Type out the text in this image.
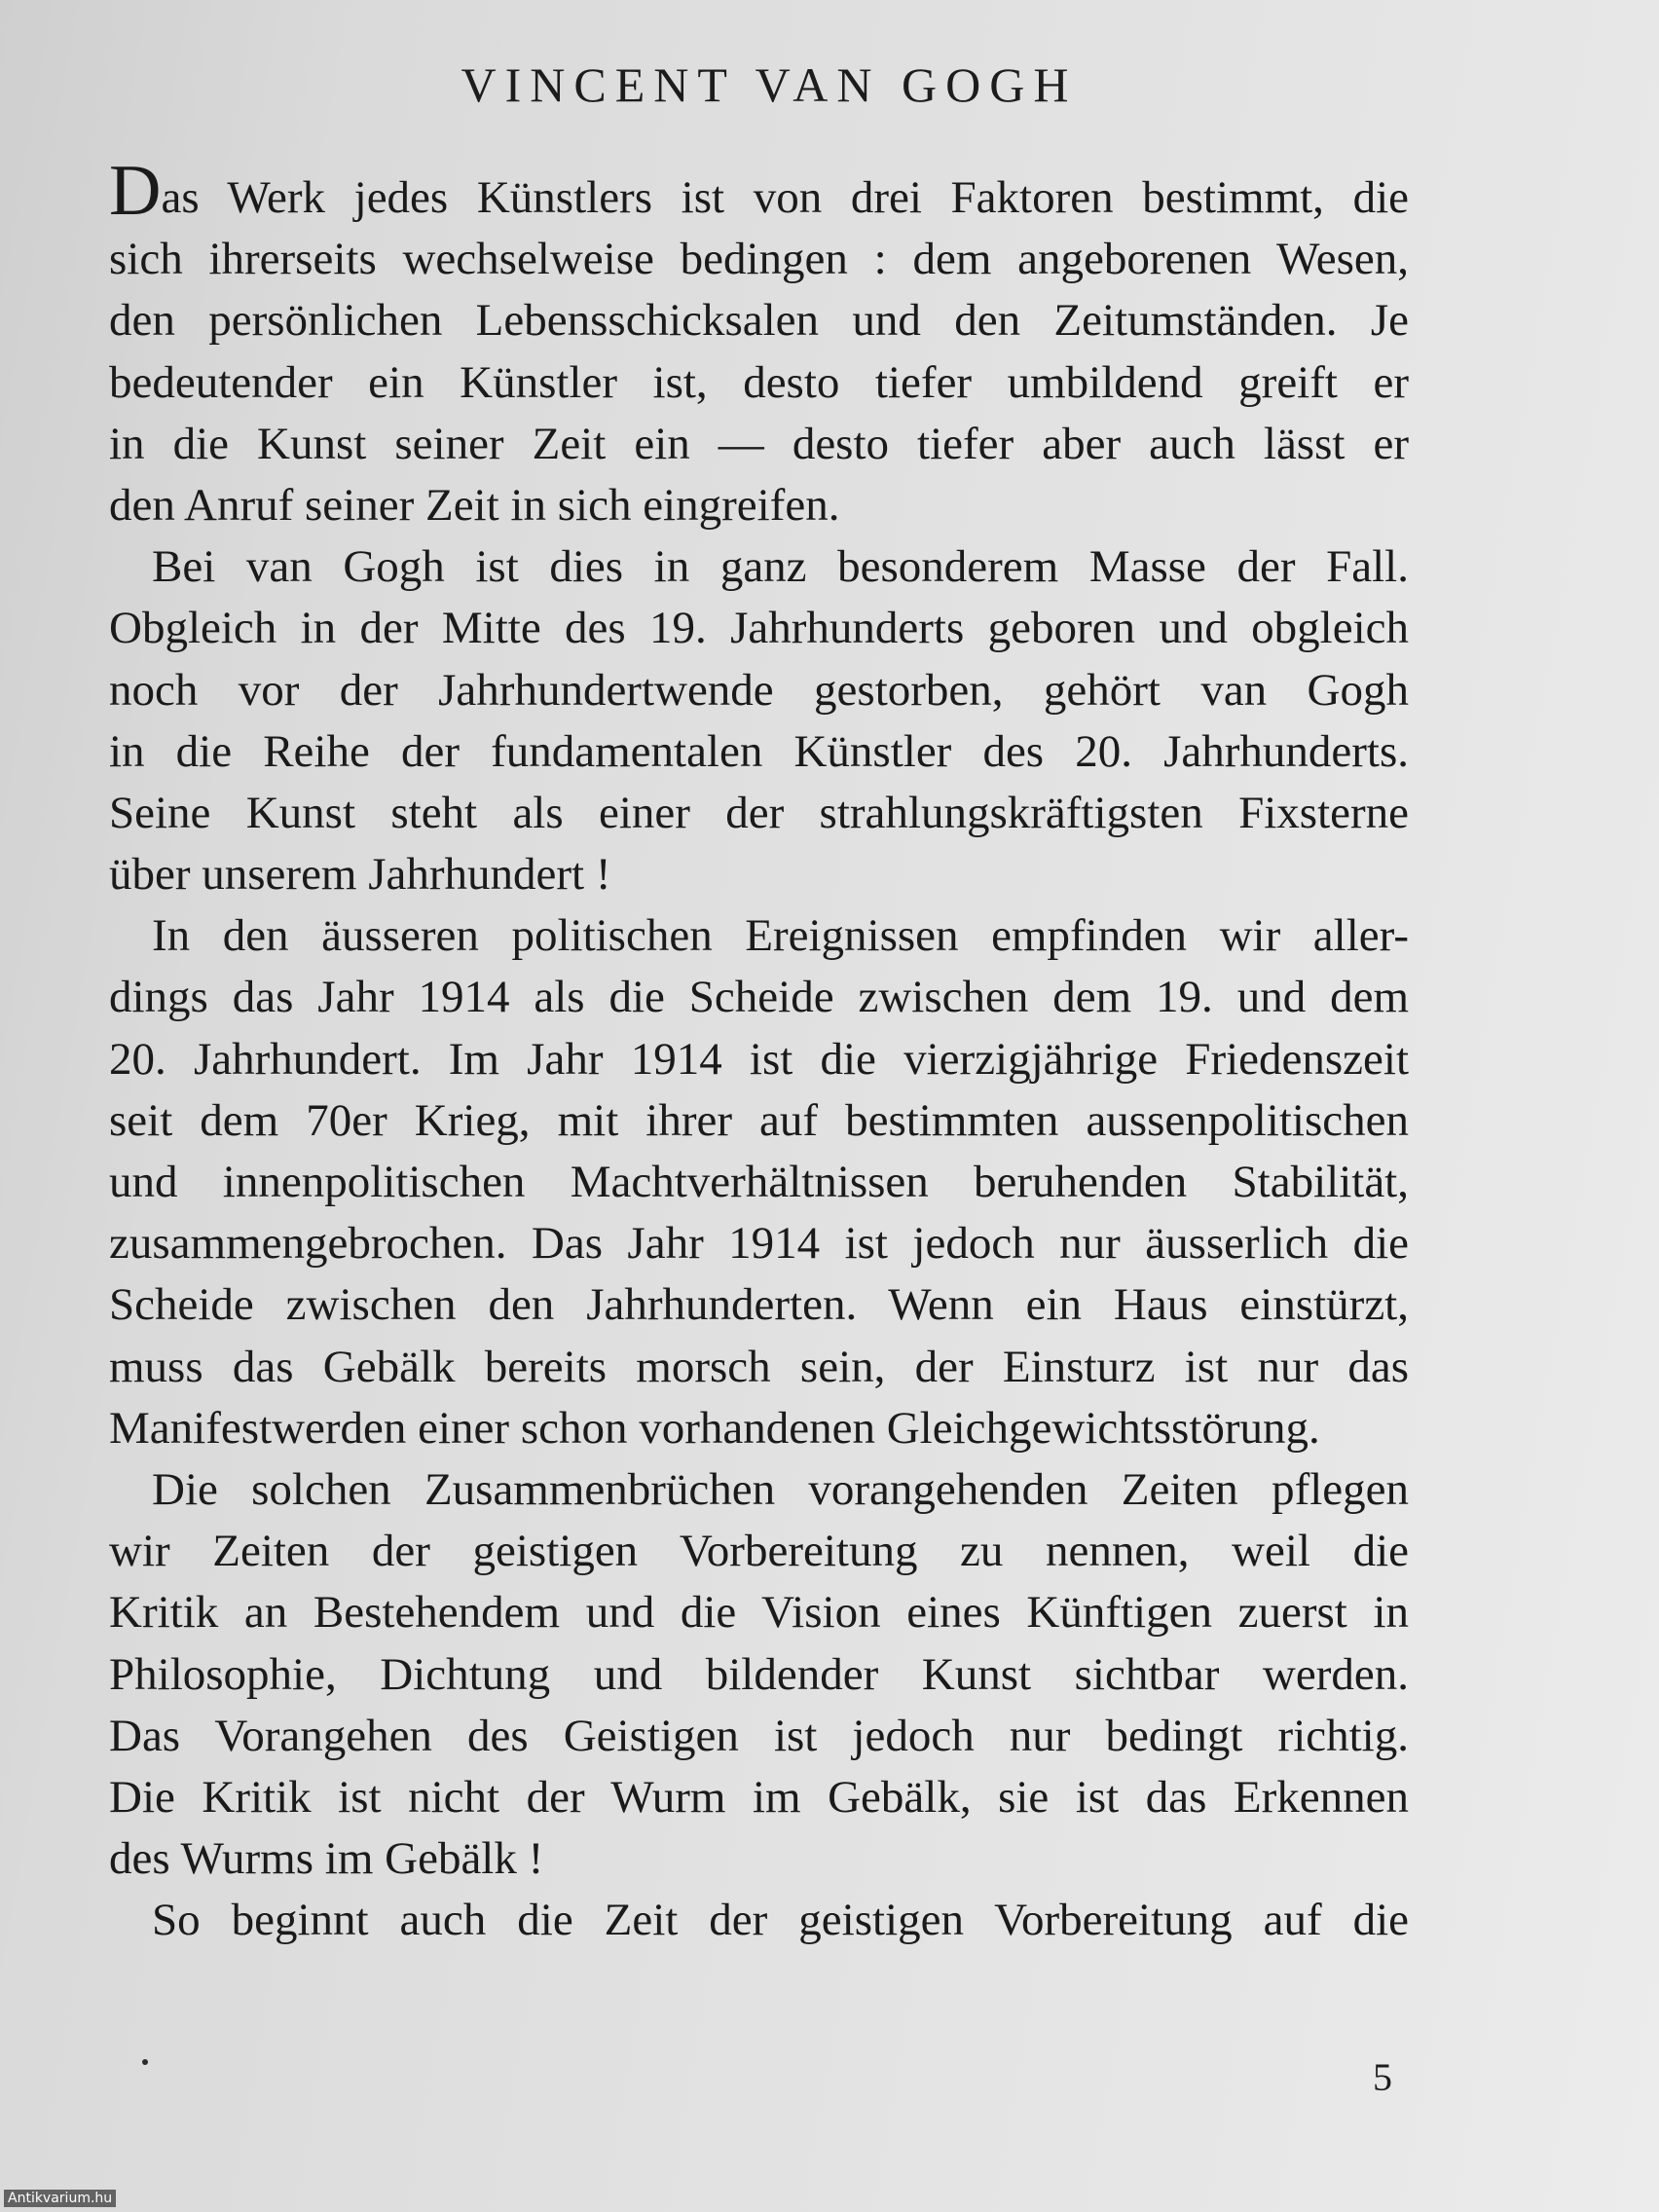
VINCENT VAN GOGH
Das Werk jedes Künstlers ist von drei Faktoren bestimmt, die
sich ihrerseits wechselweise bedingen : dem angeborenen Wesen,
den persönlichen Lebensschicksalen und den Zeitumständen. Je
bedeutender ein Künstler ist, desto tiefer umbildend greift er
in die Kunst seiner Zeit ein — desto tiefer aber auch lässt er
den Anruf seiner Zeit in sich eingreifen.
Bei van Gogh ist dies in ganz besonderem Masse der Fall.
Obgleich in der Mitte des 19. Jahrhunderts geboren und obgleich
noch vor der Jahrhundertwende gestorben, gehört van Gogh
in die Reihe der fundamentalen Künstler des 20. Jahrhunderts.
Seine Kunst steht als einer der strahlungskräftigsten Fixsterne
über unserem Jahrhundert !
In den äusseren politischen Ereignissen empfinden wir aller-
dings das Jahr 1914 als die Scheide zwischen dem 19. und dem
20. Jahrhundert. Im Jahr 1914 ist die vierzigjährige Friedenszeit
seit dem 70er Krieg, mit ihrer auf bestimmten aussenpolitischen
und innenpolitischen Machtverhältnissen beruhenden Stabilität,
zusammengebrochen. Das Jahr 1914 ist jedoch nur äusserlich die
Scheide zwischen den Jahrhunderten. Wenn ein Haus einstürzt,
muss das Gebälk bereits morsch sein, der Einsturz ist nur das
Manifestwerden einer schon vorhandenen Gleichgewichtsstörung.
Die solchen Zusammenbrüchen vorangehenden Zeiten pflegen
wir Zeiten der geistigen Vorbereitung zu nennen, weil die
Kritik an Bestehendem und die Vision eines Künftigen zuerst in
Philosophie, Dichtung und bildender Kunst sichtbar werden.
Das Vorangehen des Geistigen ist jedoch nur bedingt richtig.
Die Kritik ist nicht der Wurm im Gebälk, sie ist das Erkennen
des Wurms im Gebälk !
So beginnt auch die Zeit der geistigen Vorbereitung auf die
5
Antikvarium.hu
